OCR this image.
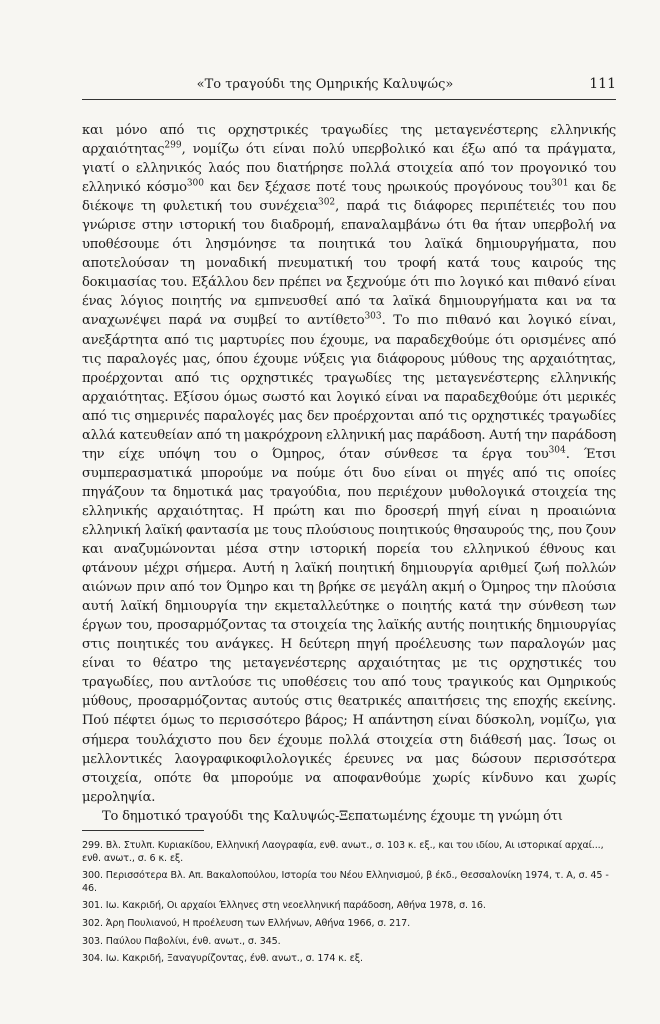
«Το τραγούδι της Ομηρικής Καλυψώς»	111

και μόνο από τις ορχηστρικές τραγωδίες της μεταγενέστερης ελληνικής αρχαιότητας$^{299}$, νομίζω ότι είναι πολύ υπερβολικό και έξω από τα πράγματα, γιατί ο ελληνικός λαός που διατήρησε πολλά στοιχεία από τον προγονικό του ελληνικό κόσμο$^{300}$ και δεν ξέχασε ποτέ τους ηρωικούς προγόνους του$^{301}$ και δε διέκοψε τη φυλετική του συνέχεια$^{302}$, παρά τις διάφορες περιπέτειές του που γνώρισε στην ιστορική του διαδρομή, επαναλαμβάνω ότι θα ήταν υπερβολή να υποθέσουμε ότι λησμόνησε τα ποιητικά του λαϊκά δημιουργήματα, που αποτελούσαν τη μοναδική πνευματική του τροφή κατά τους καιρούς της δοκιμασίας του. Εξάλλου δεν πρέπει να ξεχνούμε ότι πιο λογικό και πιθανό είναι ένας λόγιος ποιητής να εμπνευσθεί από τα λαϊκά δημιουργήματα και να τα αναχωνέψει παρά να συμβεί το αντίθετο$^{303}$. Το πιο πιθανό και λογικό είναι, ανεξάρτητα από τις μαρτυρίες που έχουμε, να παραδεχθούμε ότι ορισμένες από τις παραλογές μας, όπου έχουμε νύξεις για διάφορους μύθους της αρχαιότητας, προέρχονται από τις ορχηστικές τραγωδίες της μεταγενέστερης ελληνικής αρχαιότητας. Εξίσου όμως σωστό και λογικό είναι να παραδεχθούμε ότι μερικές από τις σημερινές παραλογές μας δεν προέρχονται από τις ορχηστικές τραγωδίες αλλά κατευθείαν από τη μακρόχρονη ελληνική μας παράδοση. Αυτή την παράδοση την είχε υπόψη του ο Όμηρος, όταν σύνθεσε τα έργα του$^{304}$. Έτσι συμπερασματικά μπορούμε να πούμε ότι δυο είναι οι πηγές από τις οποίες πηγάζουν τα δημοτικά μας τραγούδια, που περιέχουν μυθολογικά στοιχεία της ελληνικής αρχαιότητας. Η πρώτη και πιο δροσερή πηγή είναι η προαιώνια ελληνική λαϊκή φαντασία με τους πλούσιους ποιητικούς θησαυρούς της, που ζουν και αναζυμώνονται μέσα στην ιστορική πορεία του ελληνικού έθνους και φτάνουν μέχρι σήμερα. Αυτή η λαϊκή ποιητική δημιουργία αριθμεί ζωή πολλών αιώνων πριν από τον Όμηρο και τη βρήκε σε μεγάλη ακμή ο Όμηρος την πλούσια αυτή λαϊκή δημιουργία την εκμεταλλεύτηκε ο ποιητής κατά την σύνθεση των έργων του, προσαρμόζοντας τα στοιχεία της λαϊκής αυτής ποιητικής δημιουργίας στις ποιητικές του ανάγκες. Η δεύτερη πηγή προέλευσης των παραλογών μας είναι το θέατρο της μεταγενέστερης αρχαιότητας με τις ορχηστικές του τραγωδίες, που αντλούσε τις υποθέσεις του από τους τραγικούς και Ομηρικούς μύθους, προσαρμόζοντας αυτούς στις θεατρικές απαιτήσεις της εποχής εκείνης. Πού πέφτει όμως το περισσότερο βάρος; Η απάντηση είναι δύσκολη, νομίζω, για σήμερα τουλάχιστο που δεν έχουμε πολλά στοιχεία στη διάθεσή μας. Ίσως οι μελλοντικές λαογραφικοφιλολογικές έρευνες να μας δώσουν περισσότερα στοιχεία, οπότε θα μπορούμε να αποφανθούμε χωρίς κίνδυνο και χωρίς μεροληψία.

Το δημοτικό τραγούδι της Καλυψώς-Ξεπατωμένης έχουμε τη γνώμη ότι

299. Βλ. Στυλπ. Κυριακίδου, Ελληνική Λαογραφία, ενθ. ανωτ., σ. 103 κ. εξ., και του ιδίου, Αι ιστορικαί αρχαί..., ενθ. ανωτ., σ. 6 κ. εξ.

300. Περισσότερα Βλ. Απ. Βακαλοπούλου, Ιστορία του Νέου Ελληνισμού, β έκδ., Θεσσαλονίκη 1974, τ. Α, σ. 45 - 46.

301. Ιω. Κακριδή, Οι αρχαίοι Έλληνες στη νεοελληνική παράδοση, Αθήνα 1978, σ. 16.

302. Άρη Πουλιανού, Η προέλευση των Ελλήνων, Αθήνα 1966, σ. 217.

303. Παύλου Παβολίνι, ένθ. ανωτ., σ. 345.

304. Ιω. Κακριδή, Ξαναγυρίζοντας, ένθ. ανωτ., σ. 174 κ. εξ.
